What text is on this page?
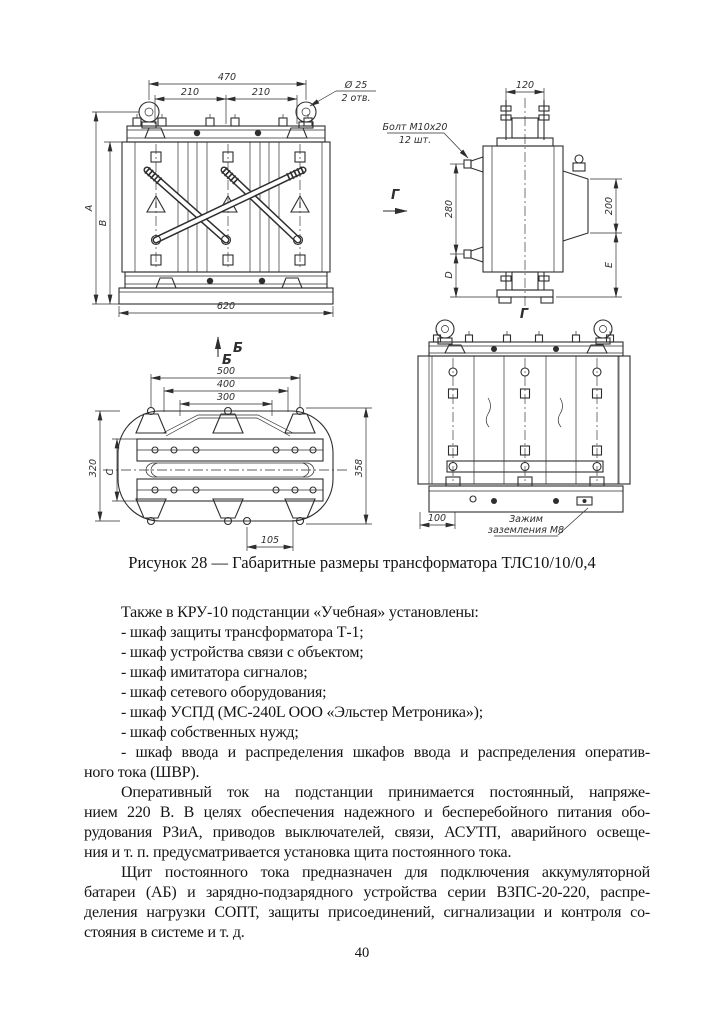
470
210	210
Ø 25
2 отв.
А
В
620
Б
120
280
D
200
E
Болт М10х20
12 шт.
Г
Б
500
400
300
320 C	358
105
Г
100	Зажим
заземления М8
Рисунок 28 — Габаритные размеры трансформатора ТЛС10/10/0,4
Также в КРУ-10 подстанции «Учебная» установлены:
- шкаф защиты трансформатора Т-1;
- шкаф устройства связи с объектом;
- шкаф имитатора сигналов;
- шкаф сетевого оборудования;
- шкаф УСПД (МС-240L ООО «Эльстер Метроника»);
- шкаф собственных нужд;
- шкаф ввода и распределения шкафов ввода и распределения оператив-
ного тока (ШВР).
Оперативный ток на подстанции принимается постоянный, напряже-
нием 220 В. В целях обеспечения надежного и бесперебойного питания обо-
рудования РЗиА, приводов выключателей, связи, АСУТП, аварийного освеще-
ния и т. п. предусматривается установка щита постоянного тока.
Щит постоянного тока предназначен для подключения аккумуляторной
батареи (АБ) и зарядно-подзарядного устройства серии ВЗПС-20-220, распре-
деления нагрузки СОПТ, защиты присоединений, сигнализации и контроля со-
стояния в системе и т. д.
40
